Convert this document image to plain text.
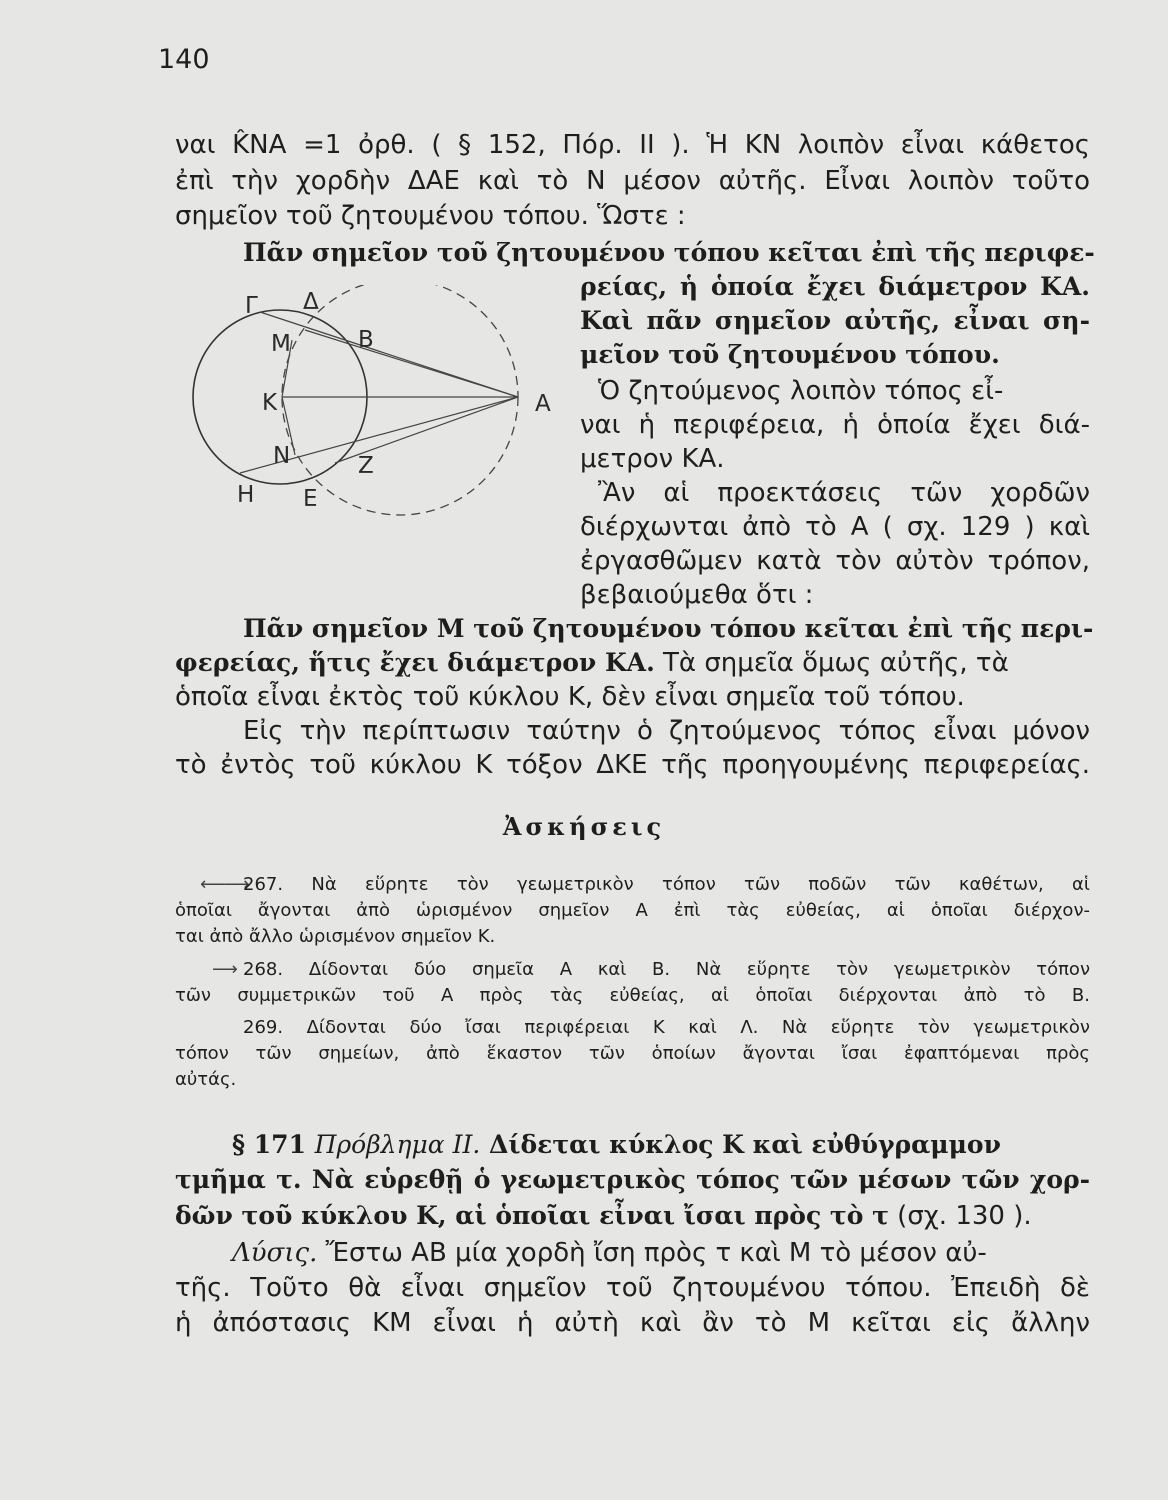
140
ναι K̂NA =1 ὀρθ. ( § 152, Πόρ. II ). Ἡ ΚΝ λοιπὸν εἶναι κάθετος
ἐπὶ τὴν χορδὴν ΔΑΕ καὶ τὸ Ν μέσον αὐτῆς. Εἶναι λοιπὸν τοῦτο
σημεῖον τοῦ ζητουμένου τόπου. Ὥστε :
Πᾶν σημεῖον τοῦ ζητουμένου τόπου κεῖται ἐπὶ τῆς περιφε-
ρείας, ἡ ὁποία ἔχει διάμετρον ΚΑ.
Καὶ πᾶν σημεῖον αὐτῆς, εἶναι ση-
μεῖον τοῦ ζητουμένου τόπου.
Γ Δ
Μ	Β
Κ	Α
Ν	Ζ
Η Ε
Ὁ ζητούμενος λοιπὸν τόπος εἶ-
ναι ἡ περιφέρεια, ἡ ὁποία ἔχει διά-
μετρον ΚΑ.
Ἂν αἱ προεκτάσεις τῶν χορδῶν
διέρχωνται ἀπὸ τὸ Α ( σχ. 129 ) καὶ
ἐργασθῶμεν κατὰ τὸν αὐτὸν τρόπον,
βεβαιούμεθα ὅτι :
Πᾶν σημεῖον Μ τοῦ ζητουμένου τόπου κεῖται ἐπὶ τῆς περι-
φερείας, ἥτις ἔχει διάμετρον ΚΑ. Τὰ σημεῖα ὅμως αὐτῆς, τὰ
ὁποῖα εἶναι ἐκτὸς τοῦ κύκλου Κ, δὲν εἶναι σημεῖα τοῦ τόπου.
Εἰς τὴν περίπτωσιν ταύτην ὁ ζητούμενος τόπος εἶναι μόνον
τὸ ἐντὸς τοῦ κύκλου Κ τόξον ΔΚΕ τῆς προηγουμένης περιφερείας.
Ἀσκήσεις
⟵⟶
267. Νὰ εὕρητε τὸν γεωμετρικὸν τόπον τῶν ποδῶν τῶν καθέτων, αἱ
ὁποῖαι ἄγονται ἀπὸ ὡρισμένον σημεῖον Α ἐπὶ τὰς εὐθείας, αἱ ὁποῖαι διέρχον-
ται ἀπὸ ἄλλο ὡρισμένον σημεῖον Κ.
⟶ 268. Δίδονται δύο σημεῖα Α καὶ Β. Νὰ εὕρητε τὸν γεωμετρικὸν τόπον
τῶν συμμετρικῶν τοῦ Α πρὸς τὰς εὐθείας, αἱ ὁποῖαι διέρχονται ἀπὸ τὸ Β.
269. Δίδονται δύο ἴσαι περιφέρειαι Κ καὶ Λ. Νὰ εὕρητε τὸν γεωμετρικὸν
τόπον τῶν σημείων, ἀπὸ ἕκαστον τῶν ὁποίων ἄγονται ἴσαι ἐφαπτόμεναι πρὸς
αὐτάς.
§ 171 Πρόβλημα II. Δίδεται κύκλος Κ καὶ εὐθύγραμμον
τμῆμα τ. Νὰ εὑρεθῇ ὁ γεωμετρικὸς τόπος τῶν μέσων τῶν χορ-
δῶν τοῦ κύκλου Κ, αἱ ὁποῖαι εἶναι ἴσαι πρὸς τὸ τ (σχ. 130 ).
Λύσις. Ἔστω ΑΒ μία χορδὴ ἴση πρὸς τ καὶ Μ τὸ μέσον αὐ-
τῆς. Τοῦτο θὰ εἶναι σημεῖον τοῦ ζητουμένου τόπου. Ἐπειδὴ δὲ
ἡ ἀπόστασις ΚΜ εἶναι ἡ αὐτὴ καὶ ἂν τὸ Μ κεῖται εἰς ἄλλην
